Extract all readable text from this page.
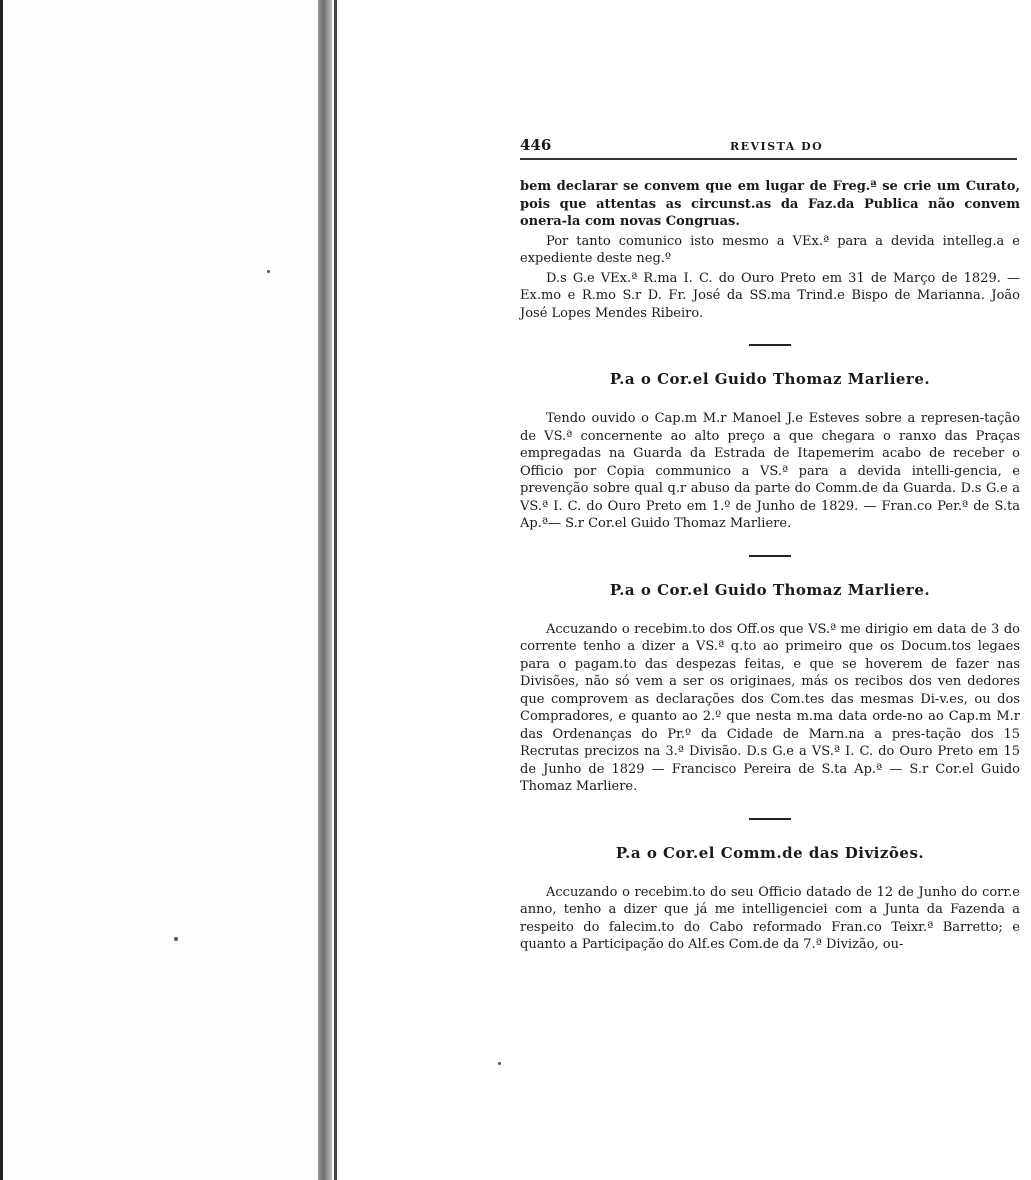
446	REVISTA DO

bem declarar se convem que em lugar de Freg.ª se crie um Curato, pois que attentas as circunst.as da Faz.da Publica não convem onera-la com novas Congruas.

Por tanto comunico isto mesmo a VEx.ª para a devida intelleg.a e expediente deste neg.º

D.s G.e VEx.ª R.ma I. C. do Ouro Preto em 31 de Março de 1829. — Ex.mo e R.mo S.r D. Fr. José da SS.ma Trind.e Bispo de Marianna. João José Lopes Mendes Ribeiro.

P.a o Cor.el Guido Thomaz Marliere.

Tendo ouvido o Cap.m M.r Manoel J.e Esteves sobre a represen-tação de VS.ª concernente ao alto preço a que chegara o ranxo das Praças empregadas na Guarda da Estrada de Itapemerim acabo de receber o Officio por Copia communico a VS.ª para a devida intelli-gencia, e prevenção sobre qual q.r abuso da parte do Comm.de da Guarda. D.s G.e a VS.ª I. C. do Ouro Preto em 1.º de Junho de 1829. — Fran.co Per.ª de S.ta Ap.ª— S.r Cor.el Guido Thomaz Marliere.

P.a o Cor.el Guido Thomaz Marliere.

Accuzando o recebim.to dos Off.os que VS.ª me dirigio em data de 3 do corrente tenho a dizer a VS.ª q.to ao primeiro que os Docum.tos legaes para o pagam.to das despezas feitas, e que se hoverem de fazer nas Divisões, não só vem a ser os originaes, más os recibos dos ven dedores que comprovem as declarações dos Com.tes das mesmas Di-v.es, ou dos Compradores, e quanto ao 2.º que nesta m.ma data orde-no ao Cap.m M.r das Ordenanças do Pr.º da Cidade de Marn.na a pres-tação dos 15 Recrutas precizos na 3.ª Divisão. D.s G.e a VS.ª I. C. do Ouro Preto em 15 de Junho de 1829 — Francisco Pereira de S.ta Ap.ª — S.r Cor.el Guido Thomaz Marliere.

P.a o Cor.el Comm.de das Divizões.

Accuzando o recebim.to do seu Officio datado de 12 de Junho do corr.e anno, tenho a dizer que já me intelligenciei com a Junta da Fazenda a respeito do falecim.to do Cabo reformado Fran.co Teixr.ª Barretto; e quanto a Participação do Alf.es Com.de da 7.ª Divizão, ou-
